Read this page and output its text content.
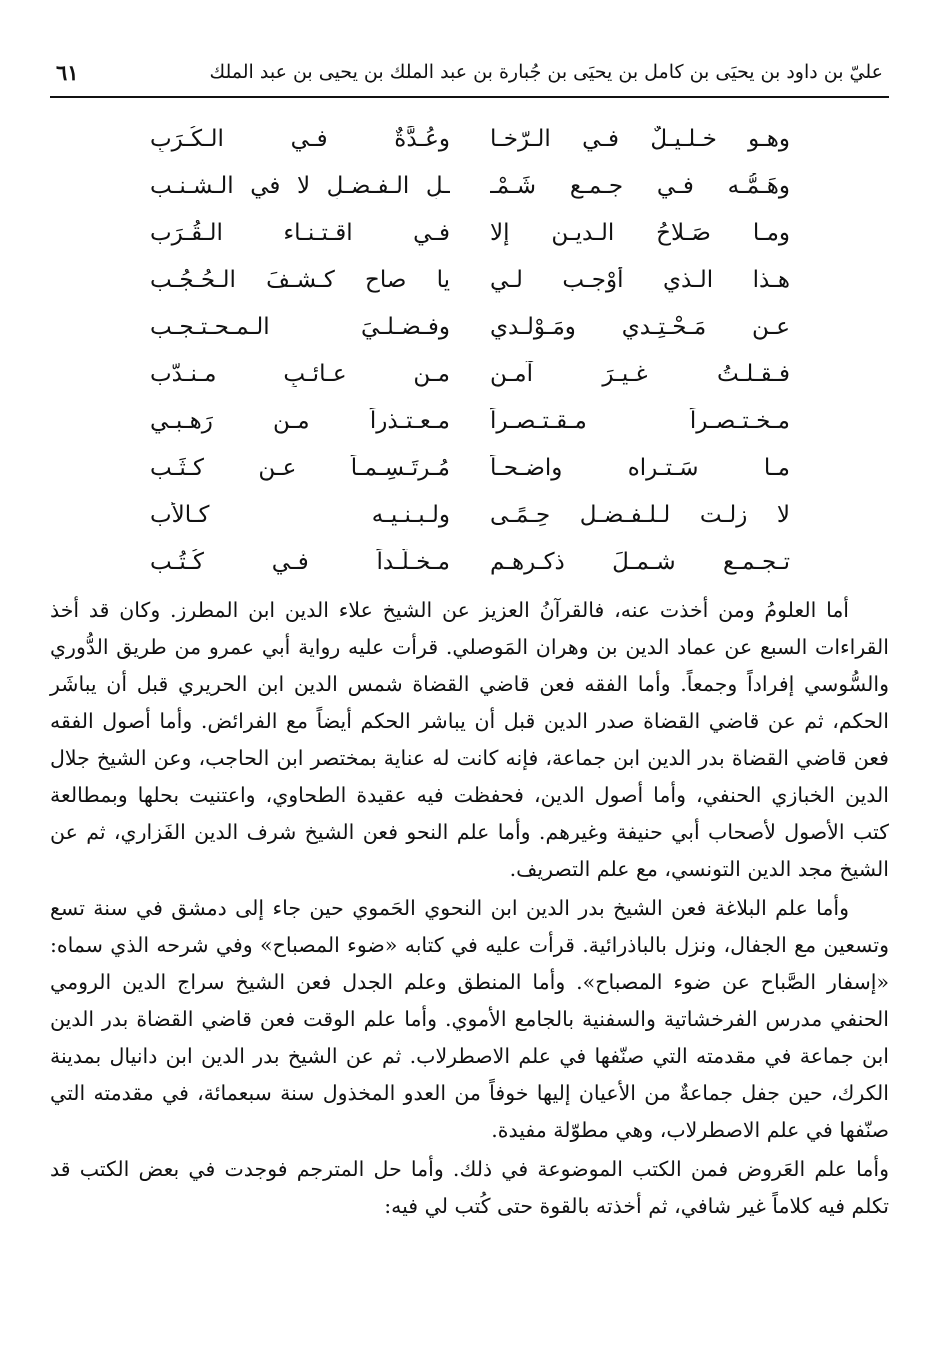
عليّ بن داود بن يحيَى بن كامل بن يحيَى بن جُبارة بن عبد الملك بن يحيى بن عبد الملك
٦١
وهـو خـلـيـلٌ فـي الـرّخـا
وعُـدَّةٌ فـي الـكُـرَبِ
وهَـمُّـه فـي جـمـعِ شَـمْـ
ـلِ الـفـضـلِ لا في الـشـنـب
ومـا صَـلاحُ الـديـن إلا
فـي اقـتـنـاء الـقُـرَب
هـذا الـذي أوْجـب لـي
يا صاحِ كـشـفَ الـحُـجُـب
عـن مَـحْـتِـدي ومَـوْلـدي
وفـضـلـيَ الـمـحـتـجـب
فـقـلـتُ غـيـرَ آمـنٍ
مـن عـائـبٍ مـنـدّب
مـخـتـصـراً مـقـتـصـراً
مـعـتـذراً مـن رَهـبـي
مـا سَـتـراه واضـحـاً
مُـرتَـسِـمـاً عـن كـثَـب
لا زلـت لـلـفـضـل حِـمًـى
ولـبـنـيـه كـالأب
تـجـمـع شـمـلَ ذكـرِهـم
مـخـلَّـداً فـي كُـتُـب

أما العلومُ ومن أخذت عنه، فالقرآنُ العزيز عن الشيخ علاء الدين ابن المطرز. وكان قد أخذ القراءات السبع عن عماد الدين بن وهران المَوصلي. قرأت عليه رواية أبي عمرو من طريق الدُّوري والسُّوسي إفراداً وجمعاً. وأما الفقه فعن قاضي القضاة شمس الدين ابن الحريري قبل أن يباشَر الحكم، ثم عن قاضي القضاة صدر الدين قبل أن يباشر الحكم أيضاً مع الفرائض. وأما أصول الفقه فعن قاضي القضاة بدر الدين ابن جماعة، فإنه كانت له عناية بمختصر ابن الحاجب، وعن الشيخ جلال الدين الخبازي الحنفي، وأما أصول الدين، فحفظت فيه عقيدة الطحاوي، واعتنيت بحلها وبمطالعة كتب الأصول لأصحاب أبي حنيفة وغيرهم. وأما علم النحو فعن الشيخ شرف الدين الفَزاري، ثم عن الشيخ مجد الدين التونسي، مع علم التصريف.

وأما علم البلاغة فعن الشيخ بدر الدين ابن النحوي الحَموي حين جاء إلى دمشق في سنة تسع وتسعين مع الجفال، ونزل بالباذرائية. قرأت عليه في كتابه «ضوء المصباح» وفي شرحه الذي سماه: «إسفار الصَّباح عن ضوء المصباح». وأما المنطق وعلم الجدل فعن الشيخ سراج الدين الرومي الحنفي مدرس الفرخشاتية والسفنية بالجامع الأموي. وأما علم الوقت فعن قاضي القضاة بدر الدين ابن جماعة في مقدمته التي صنّفها في علم الاصطرلاب. ثم عن الشيخ بدر الدين ابن دانيال بمدينة الكرك، حين جفل جماعةٌ من الأعيان إليها خوفاً من العدو المخذول سنة سبعمائة، في مقدمته التي صنّفها في علم الاصطرلاب، وهي مطوّلة مفيدة.

وأما علم العَروض فمن الكتب الموضوعة في ذلك. وأما حل المترجم فوجدت في بعض الكتب قد تكلم فيه كلاماً غير شافي، ثم أخذته بالقوة حتى كُتب لي فيه:
